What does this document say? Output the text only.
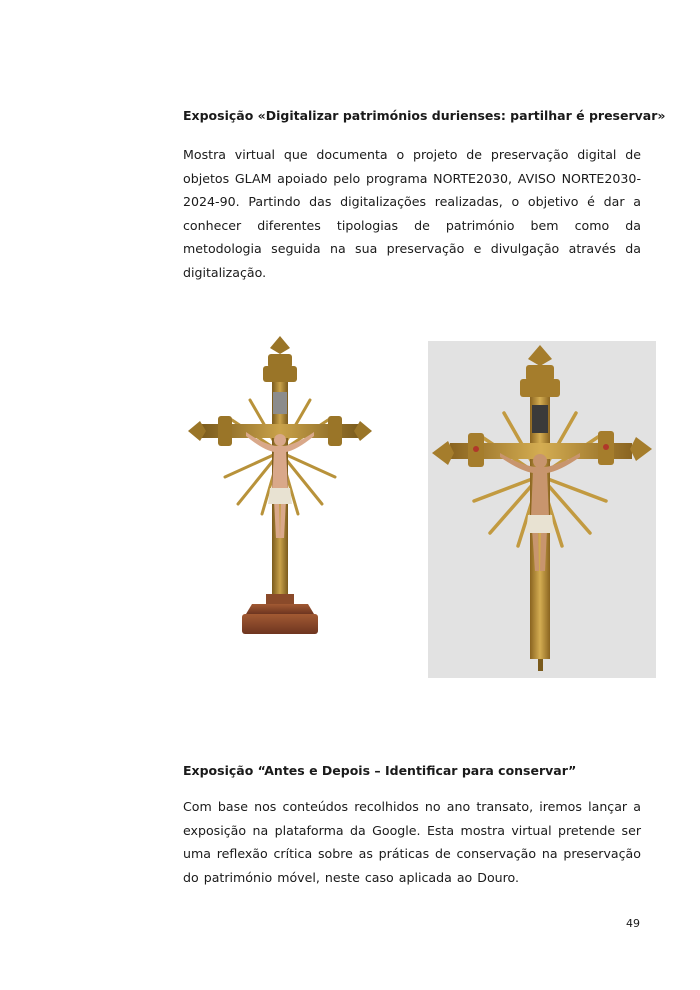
Exposição «Digitalizar patrimónios durienses: partilhar é preservar»
Mostra virtual que documenta o projeto de preservação digital de objetos GLAM apoiado pelo programa NORTE2030, AVISO NORTE2030-2024-90. Partindo das digitalizações realizadas, o objetivo é dar a conhecer diferentes tipologias de património bem como da metodologia seguida na sua preservação e divulgação através da digitalização.
Exposição “Antes e Depois – Identificar para conservar”
Com base nos conteúdos recolhidos no ano transato, iremos lançar a exposição na plataforma da Google. Esta mostra virtual pretende ser uma reflexão crítica sobre as práticas de conservação na preservação do património móvel, neste caso aplicada ao Douro.
49
